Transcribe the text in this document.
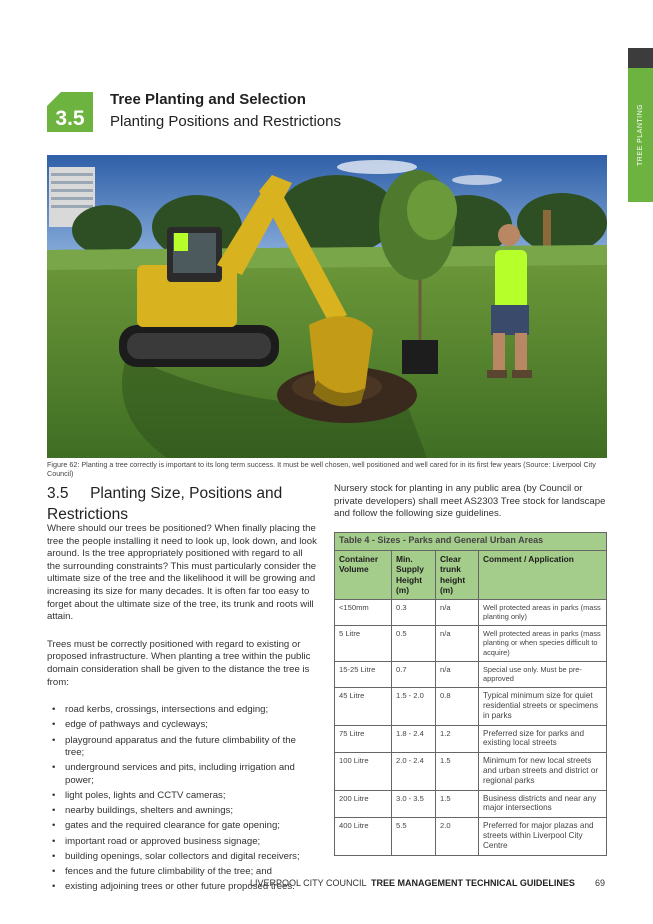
TREE PLANTING
3.5
Tree Planting and Selection
Planting Positions and Restrictions
Figure 62: Planting a tree correctly is important to its long term success. It must be well chosen, well positioned and well cared for in its first few years (Source: Liverpool City Council)
3.5     Planting Size, Positions and Restrictions

Where should our trees be positioned? When finally placing the tree the people installing it need to look up, look down, and look around. Is the tree appropriately positioned with regard to all the surrounding constraints? This must particularly consider the ultimate size of the tree and the likelihood it will be growing and increasing its size for many decades. It is often far too easy to forget about the ultimate size of the tree, its trunk and roots will attain.

Trees must be correctly positioned with regard to existing or proposed infrastructure. When planting a tree within the public domain consideration shall be given to the distance the tree is from:

• road kerbs, crossings, intersections and edging;
• edge of pathways and cycleways;
• playground apparatus and the future climbability of the tree;
• underground services and pits, including irrigation and power;
• light poles, lights and CCTV cameras;
• nearby buildings, shelters and awnings;
• gates and the required clearance for gate opening;
• important road or approved business signage;
• building openings, solar collectors and digital receivers;
• fences and the future climbability of the tree; and
• existing adjoining trees or other future proposed trees.
Nursery stock for planting in any public area (by Council or private developers) shall meet AS2303 Tree stock for landscape and follow the following size guidelines.
Table 4 - Sizes - Parks and General Urban Areas			
Container Volume	Min. Supply Height (m)	Clear trunk height (m)	Comment / Application
<150mm	0.3	n/a	Well protected areas in parks (mass planting only)
5 Litre	0.5	n/a	Well protected areas in parks (mass planting or when species difficult to acquire)
15-25 Litre	0.7	n/a	Special use only. Must be pre-approved
45 Litre	1.5 - 2.0	0.8	Typical minimum size for quiet residential streets or specimens in parks
75 Litre	1.8 - 2.4	1.2	Preferred size for parks and existing local streets
100 Litre	2.0 - 2.4	1.5	Minimum for new local streets and urban streets and district or regional parks
200 Litre	3.0 - 3.5	1.5	Business districts and near any major intersections
400 Litre	5.5	2.0	Preferred for major plazas and streets within Liverpool City Centre
LIVERPOOL CITY COUNCIL TREE MANAGEMENT TECHNICAL GUIDELINES 69
